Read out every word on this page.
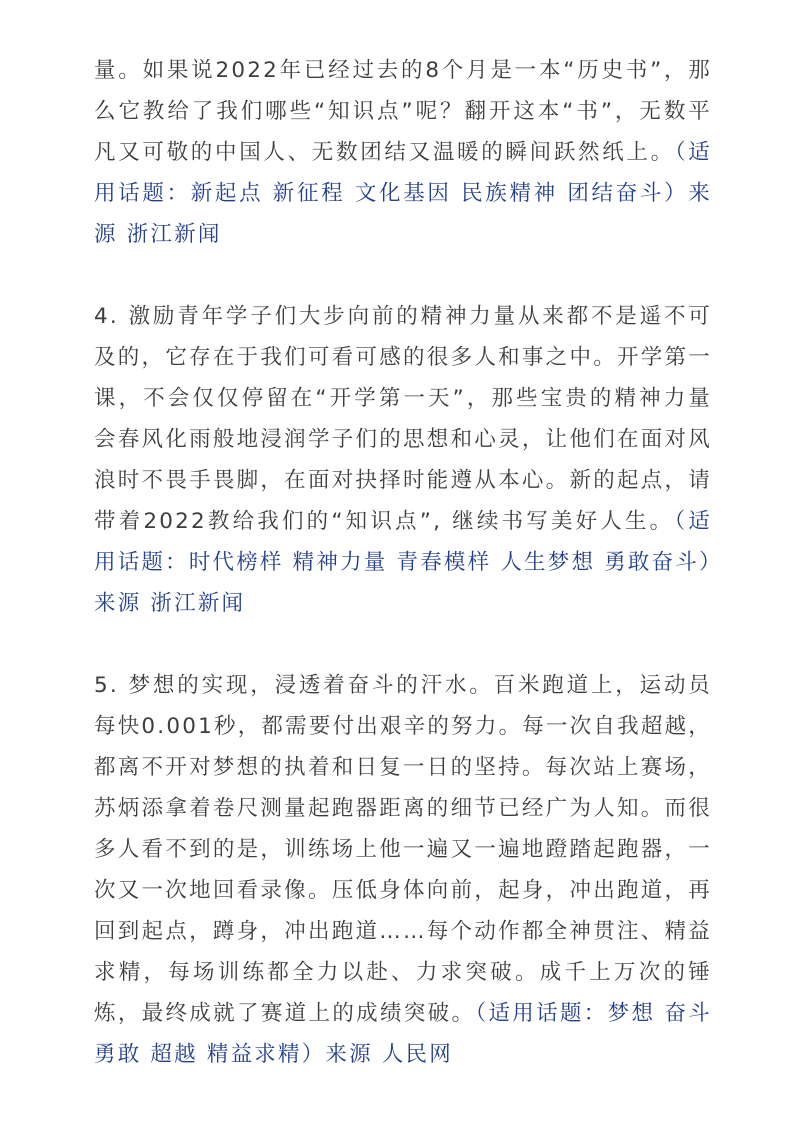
量。如果说2022年已经过去的8个月是一本“历史书”，那么它教给了我们哪些“知识点”呢？翻开这本“书”，无数平凡又可敬的中国人、无数团结又温暖的瞬间跃然纸上。（适用话题：新起点 新征程 文化基因 民族精神 团结奋斗）来源 浙江新闻

4. 激励青年学子们大步向前的精神力量从来都不是遥不可及的，它存在于我们可看可感的很多人和事之中。开学第一课，不会仅仅停留在“开学第一天”，那些宝贵的精神力量会春风化雨般地浸润学子们的思想和心灵，让他们在面对风浪时不畏手畏脚，在面对抉择时能遵从本心。新的起点，请带着2022教给我们的“知识点”, 继续书写美好人生。（适用话题：时代榜样 精神力量 青春模样 人生梦想 勇敢奋斗）来源 浙江新闻

5. 梦想的实现，浸透着奋斗的汗水。百米跑道上，运动员每快0.001秒，都需要付出艰辛的努力。每一次自我超越，都离不开对梦想的执着和日复一日的坚持。每次站上赛场，苏炳添拿着卷尺测量起跑器距离的细节已经广为人知。而很多人看不到的是，训练场上他一遍又一遍地蹬踏起跑器，一次又一次地回看录像。压低身体向前，起身，冲出跑道，再回到起点，蹲身，冲出跑道……每个动作都全神贯注、精益求精，每场训练都全力以赴、力求突破。成千上万次的锤炼，最终成就了赛道上的成绩突破。（适用话题：梦想 奋斗 勇敢 超越 精益求精）来源 人民网
